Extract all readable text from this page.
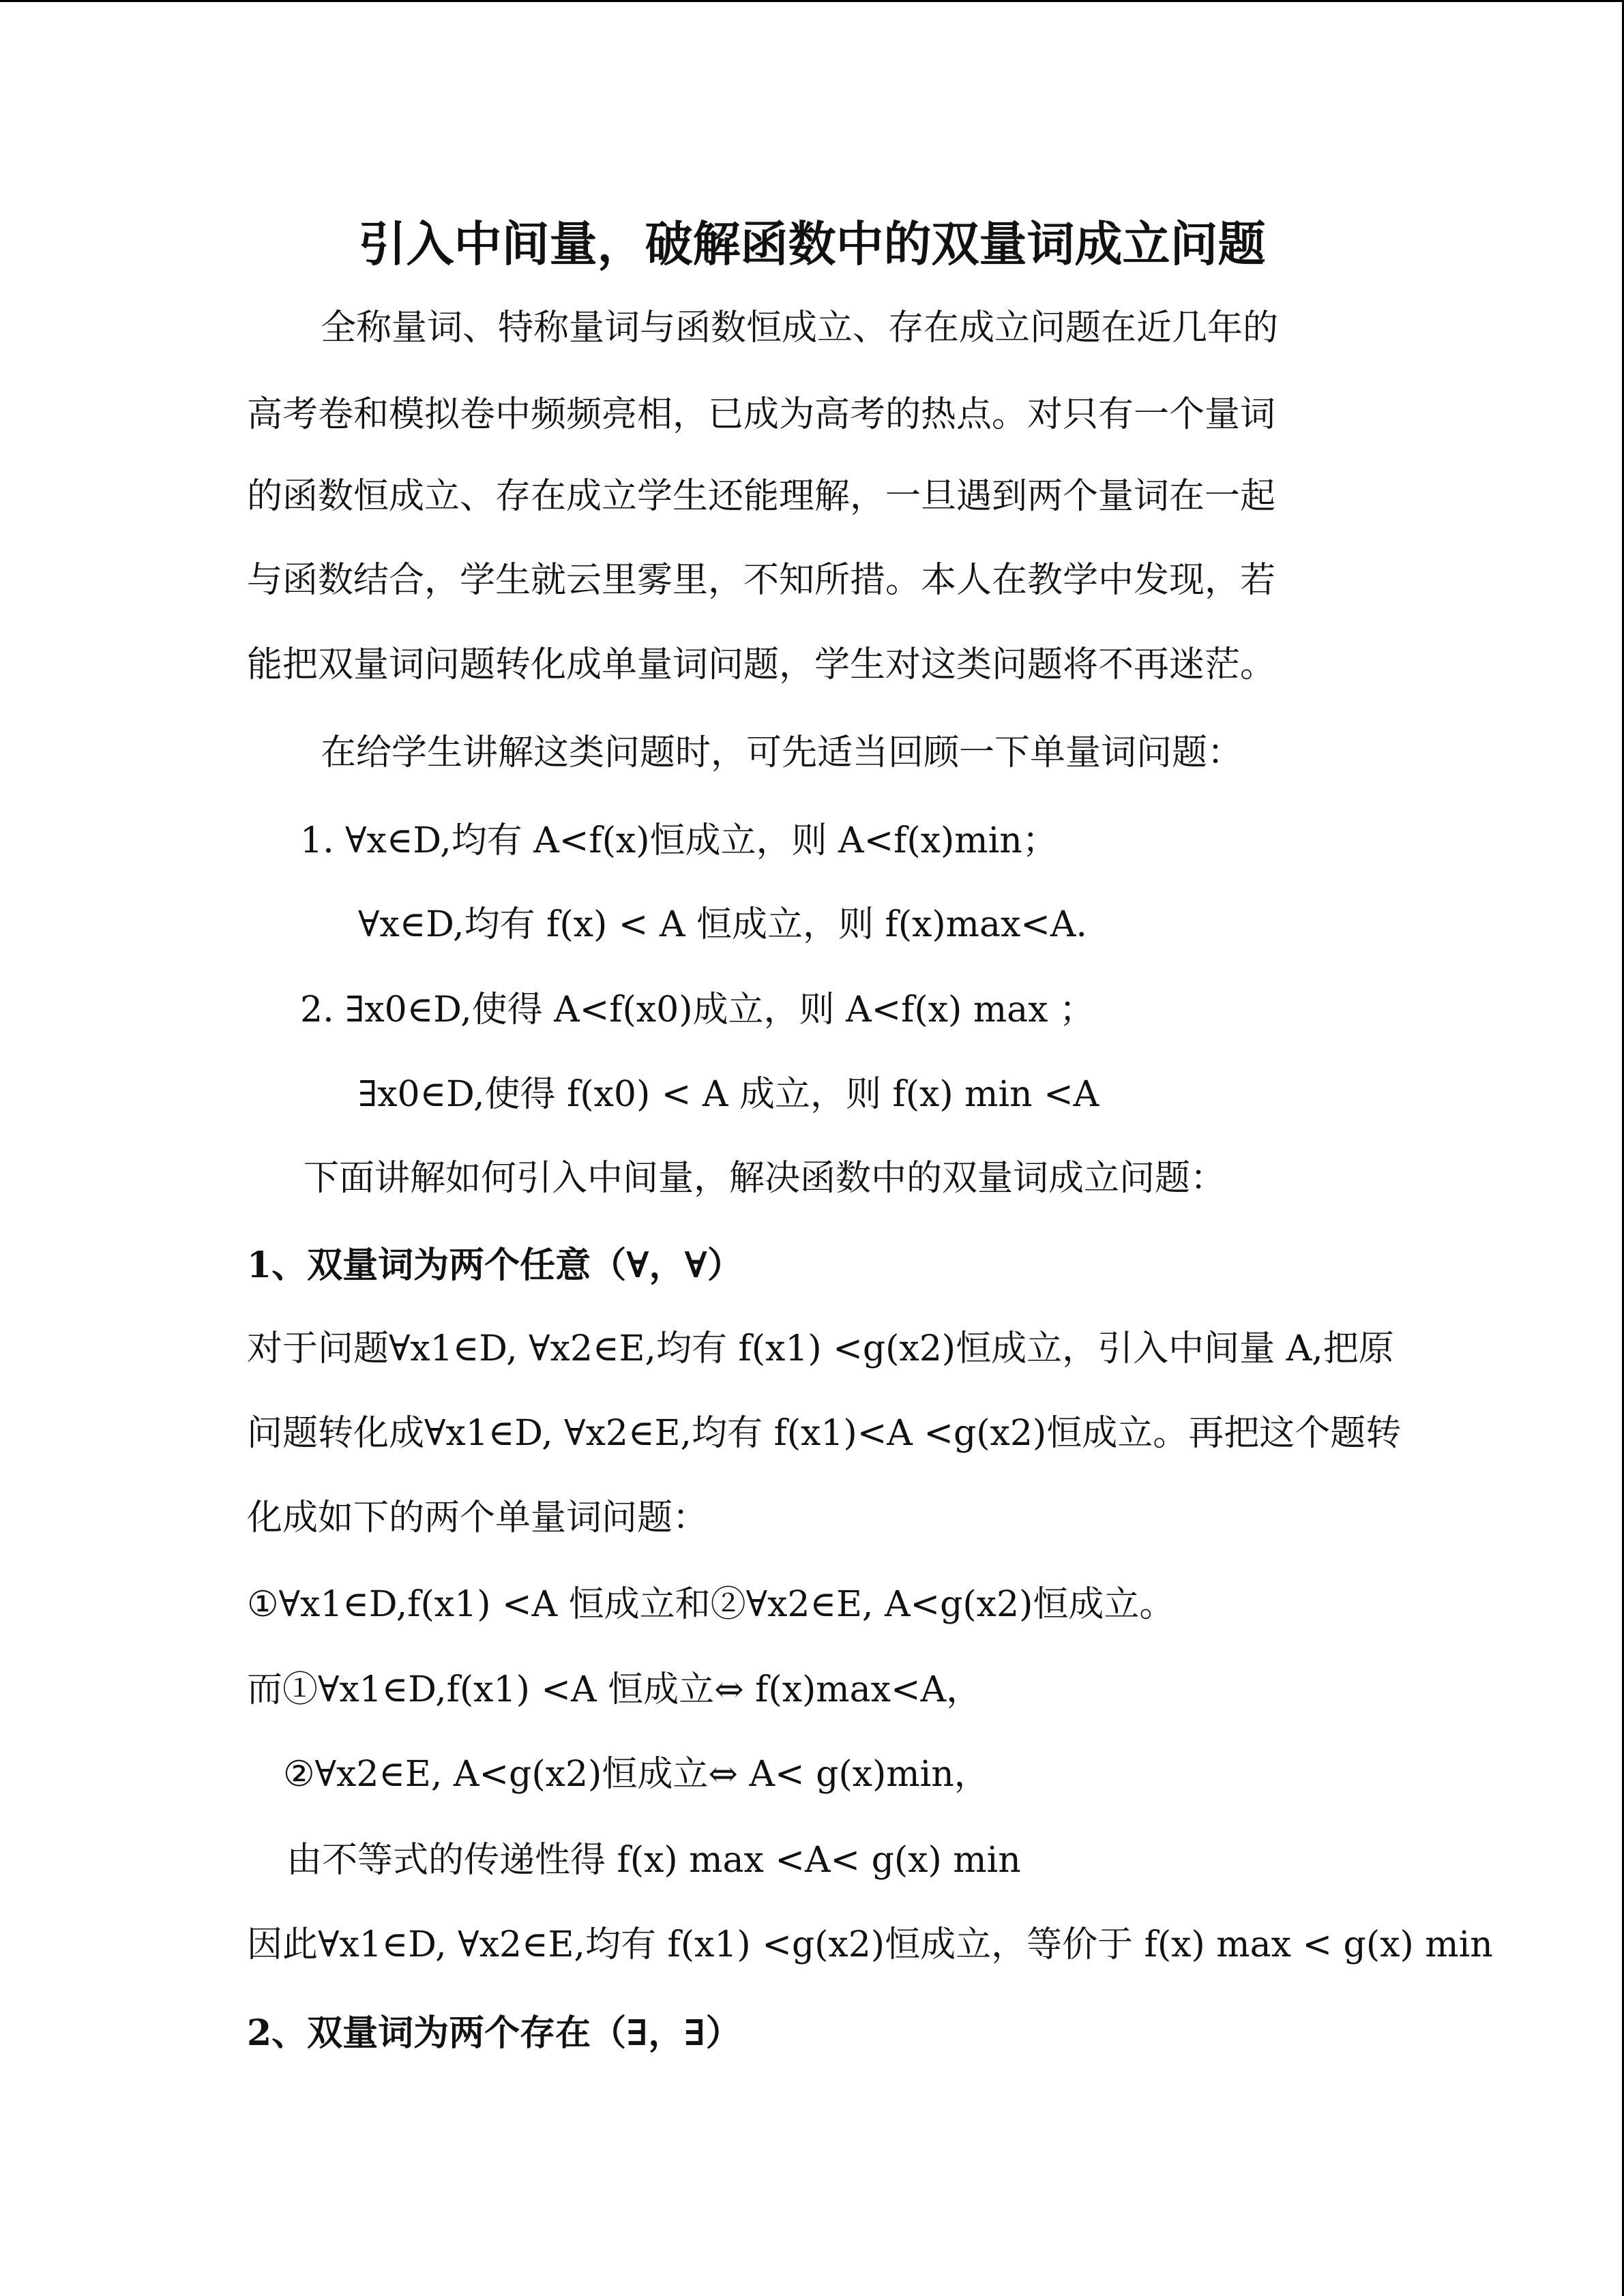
引入中间量，破解函数中的双量词成立问题
全称量词、特称量词与函数恒成立、存在成立问题在近几年的
高考卷和模拟卷中频频亮相，已成为高考的热点。对只有一个量词
的函数恒成立、存在成立学生还能理解，一旦遇到两个量词在一起
与函数结合，学生就云里雾里，不知所措。本人在教学中发现，若
能把双量词问题转化成单量词问题，学生对这类问题将不再迷茫。
在给学生讲解这类问题时，可先适当回顾一下单量词问题：
1. ∀x∈D,均有 A<f(x)恒成立，则 A<f(x)min；
∀x∈D,均有 f(x) < A 恒成立，则 f(x)max<A.
2. ∃x0∈D,使得 A<f(x0)成立，则 A<f(x) max ；
∃x0∈D,使得 f(x0) < A 成立，则 f(x) min <A
下面讲解如何引入中间量，解决函数中的双量词成立问题：
1、双量词为两个任意（∀，∀）
对于问题∀x1∈D, ∀x2∈E,均有 f(x1) <g(x2)恒成立，引入中间量 A,把原
问题转化成∀x1∈D, ∀x2∈E,均有 f(x1)<A <g(x2)恒成立。再把这个题转
化成如下的两个单量词问题：
①∀x1∈D,f(x1) <A 恒成立和②∀x2∈E, A<g(x2)恒成立。
而①∀x1∈D,f(x1) <A 恒成立⇔ f(x)max<A，
②∀x2∈E, A<g(x2)恒成立⇔ A< g(x)min，
由不等式的传递性得 f(x) max <A< g(x) min
因此∀x1∈D, ∀x2∈E,均有 f(x1) <g(x2)恒成立，等价于 f(x) max < g(x) min
2、双量词为两个存在（∃，∃）
